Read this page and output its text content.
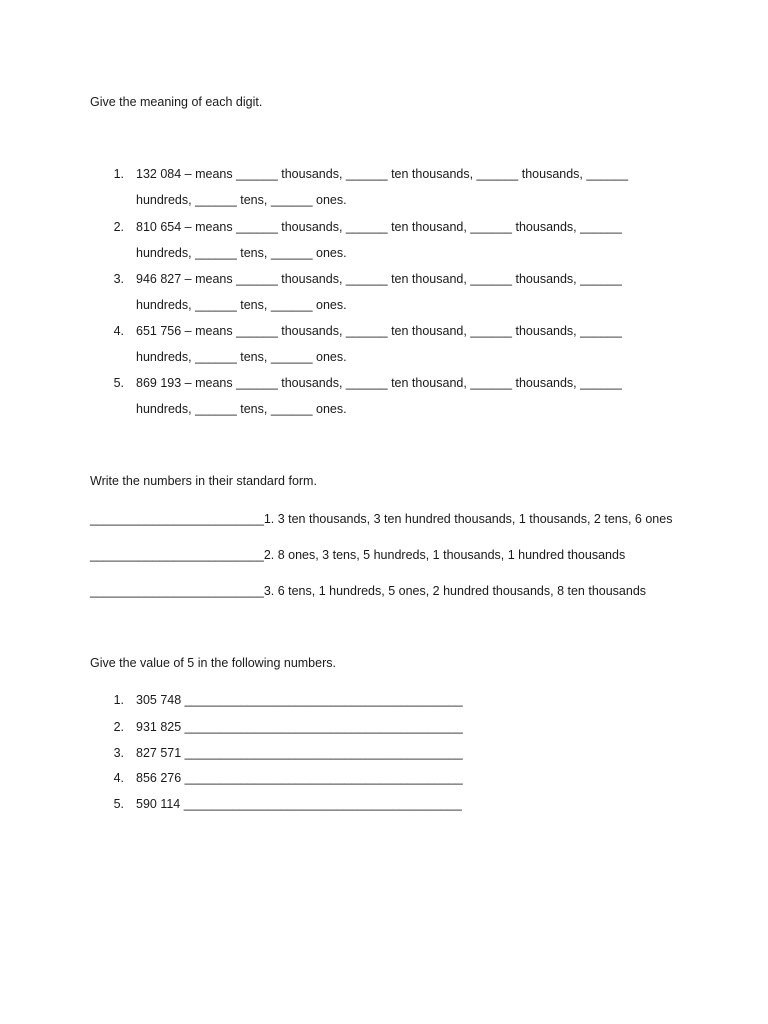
Give the meaning of each digit.
1. 132 084 – means ______ thousands, ______ ten thousands, ______ thousands, ______
hundreds, ______ tens, ______ ones.
2. 810 654 – means ______ thousands, ______ ten thousand, ______ thousands, ______
hundreds, ______ tens, ______ ones.
3. 946 827 – means ______ thousands, ______ ten thousand, ______ thousands, ______
hundreds, ______ tens, ______ ones.
4. 651 756 – means ______ thousands, ______ ten thousand, ______ thousands, ______
hundreds, ______ tens, ______ ones.
5. 869 193 – means ______ thousands, ______ ten thousand, ______ thousands, ______
hundreds, ______ tens, ______ ones.
Write the numbers in their standard form.
_________________________1. 3 ten thousands, 3 ten hundred thousands, 1 thousands, 2 tens, 6 ones
_________________________2. 8 ones, 3 tens, 5 hundreds, 1 thousands, 1 hundred thousands
_________________________3. 6 tens, 1 hundreds, 5 ones, 2 hundred thousands, 8 ten thousands
Give the value of 5 in the following numbers.
1. 305 748 ________________________________________
2. 931 825 ________________________________________
3. 827 571 ________________________________________
4. 856 276 ________________________________________
5. 590 114 ________________________________________
